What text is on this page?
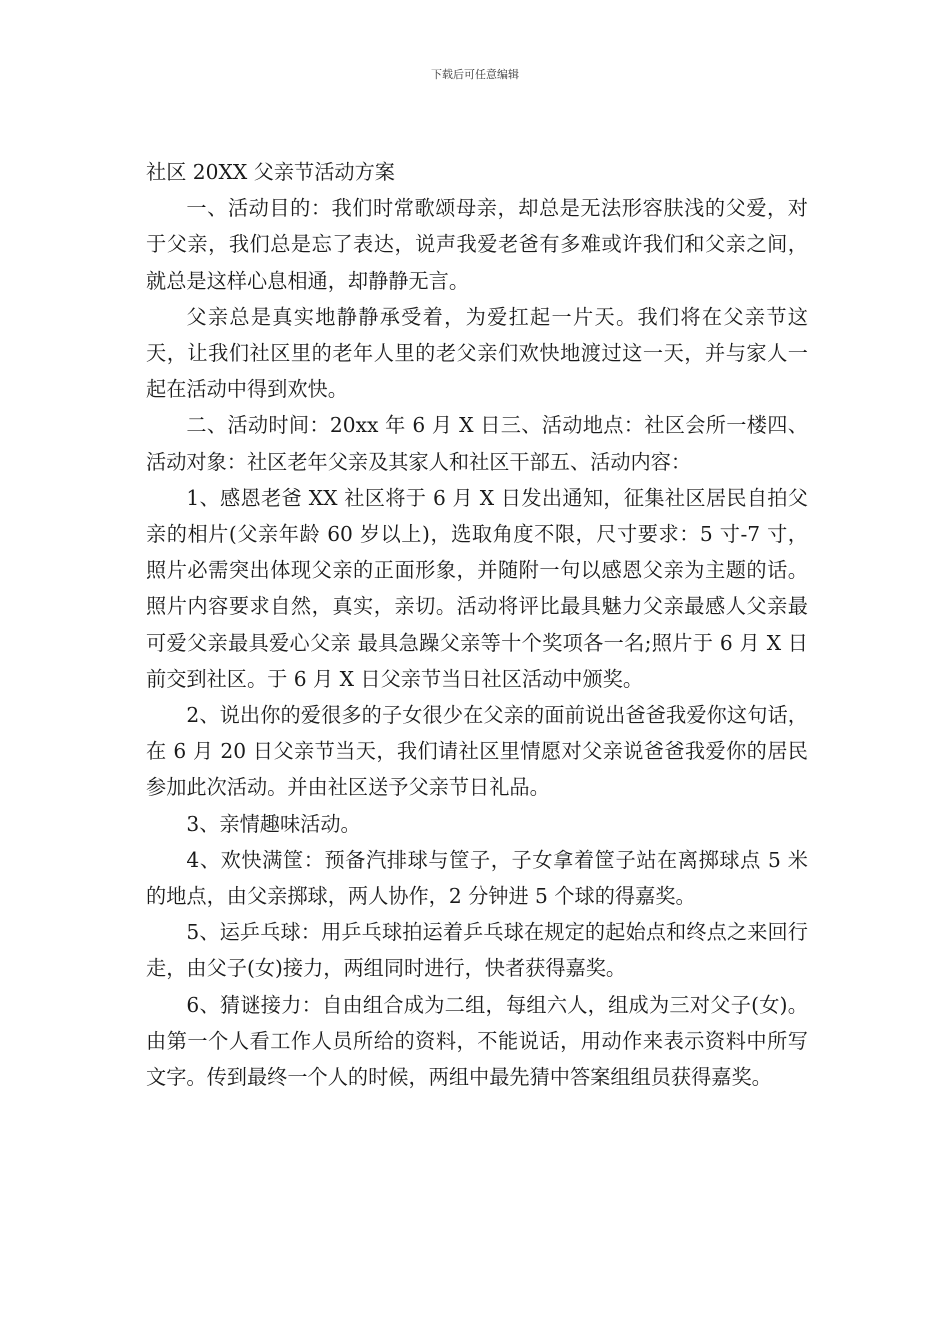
下载后可任意编辑

社区 20XX 父亲节活动方案

一、活动目的：我们时常歌颂母亲，却总是无法形容肤浅的父爱，对于父亲，我们总是忘了表达，说声我爱老爸有多难或许我们和父亲之间，就总是这样心息相通，却静静无言。

父亲总是真实地静静承受着，为爱扛起一片天。我们将在父亲节这天，让我们社区里的老年人里的老父亲们欢快地渡过这一天，并与家人一起在活动中得到欢快。

二、活动时间：20xx 年 6 月 X 日三、活动地点：社区会所一楼四、活动对象：社区老年父亲及其家人和社区干部五、活动内容：

1、感恩老爸 XX 社区将于 6 月 X 日发出通知，征集社区居民自拍父亲的相片(父亲年龄 60 岁以上)，选取角度不限，尺寸要求：5 寸-7 寸，照片必需突出体现父亲的正面形象，并随附一句以感恩父亲为主题的话。照片内容要求自然，真实，亲切。活动将评比最具魅力父亲最感人父亲最可爱父亲最具爱心父亲 最具急躁父亲等十个奖项各一名;照片于 6 月 X 日前交到社区。于 6 月 X 日父亲节当日社区活动中颁奖。

2、说出你的爱很多的子女很少在父亲的面前说出爸爸我爱你这句话，在 6 月 20 日父亲节当天，我们请社区里情愿对父亲说爸爸我爱你的居民参加此次活动。并由社区送予父亲节日礼品。

3、亲情趣味活动。

4、欢快满筐：预备汽排球与筐子，子女拿着筐子站在离掷球点 5 米的地点，由父亲掷球，两人协作，2 分钟进 5 个球的得嘉奖。

5、运乒乓球：用乒乓球拍运着乒乓球在规定的起始点和终点之来回行走，由父子(女)接力，两组同时进行，快者获得嘉奖。

6、猜谜接力：自由组合成为二组，每组六人，组成为三对父子(女)。由第一个人看工作人员所给的资料，不能说话，用动作来表示资料中所写文字。传到最终一个人的时候，两组中最先猜中答案组组员获得嘉奖。
